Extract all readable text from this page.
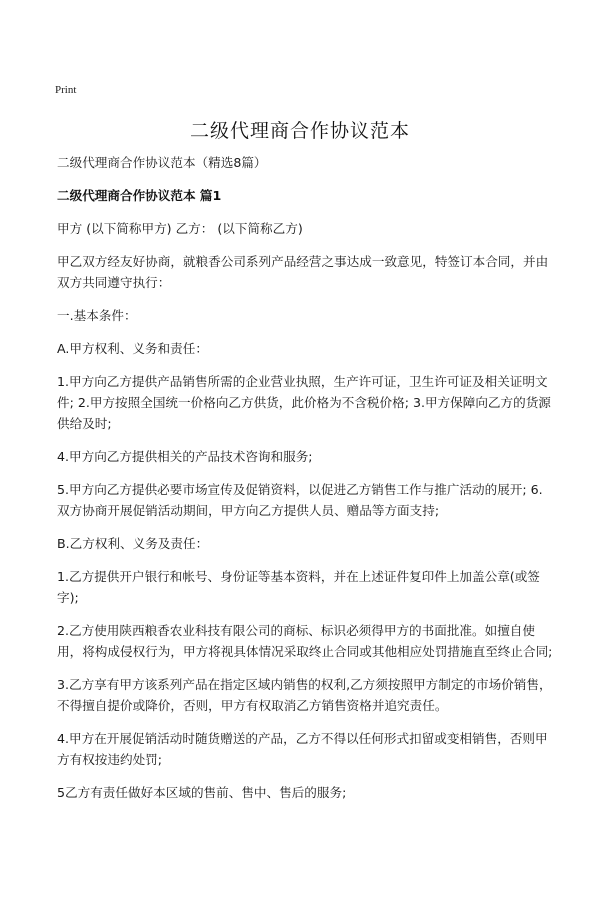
Print
二级代理商合作协议范本

二级代理商合作协议范本（精选8篇）

二级代理商合作协议范本 篇1

甲方 (以下简称甲方) 乙方： (以下简称乙方)

甲乙双方经友好协商，就粮香公司系列产品经营之事达成一致意见，特签订本合同，并由双方共同遵守执行：

一.基本条件：

A.甲方权利、义务和责任：

1.甲方向乙方提供产品销售所需的企业营业执照，生产许可证，卫生许可证及相关证明文件; 2.甲方按照全国统一价格向乙方供货，此价格为不含税价格; 3.甲方保障向乙方的货源供给及时;

4.甲方向乙方提供相关的产品技术咨询和服务;

5.甲方向乙方提供必要市场宣传及促销资料，以促进乙方销售工作与推广活动的展开; 6.双方协商开展促销活动期间，甲方向乙方提供人员、赠品等方面支持;

B.乙方权利、义务及责任：

1.乙方提供开户银行和帐号、身份证等基本资料，并在上述证件复印件上加盖公章(或签字);

2.乙方使用陕西粮香农业科技有限公司的商标、标识必须得甲方的书面批准。如擅自使用，将构成侵权行为，甲方将视具体情况采取终止合同或其他相应处罚措施直至终止合同;

3.乙方享有甲方该系列产品在指定区域内销售的权利,乙方须按照甲方制定的市场价销售，不得擅自提价或降价，否则，甲方有权取消乙方销售资格并追究责任。

4.甲方在开展促销活动时随货赠送的产品，乙方不得以任何形式扣留或变相销售，否则甲方有权按违约处罚;

5乙方有责任做好本区域的售前、售中、售后的服务;
